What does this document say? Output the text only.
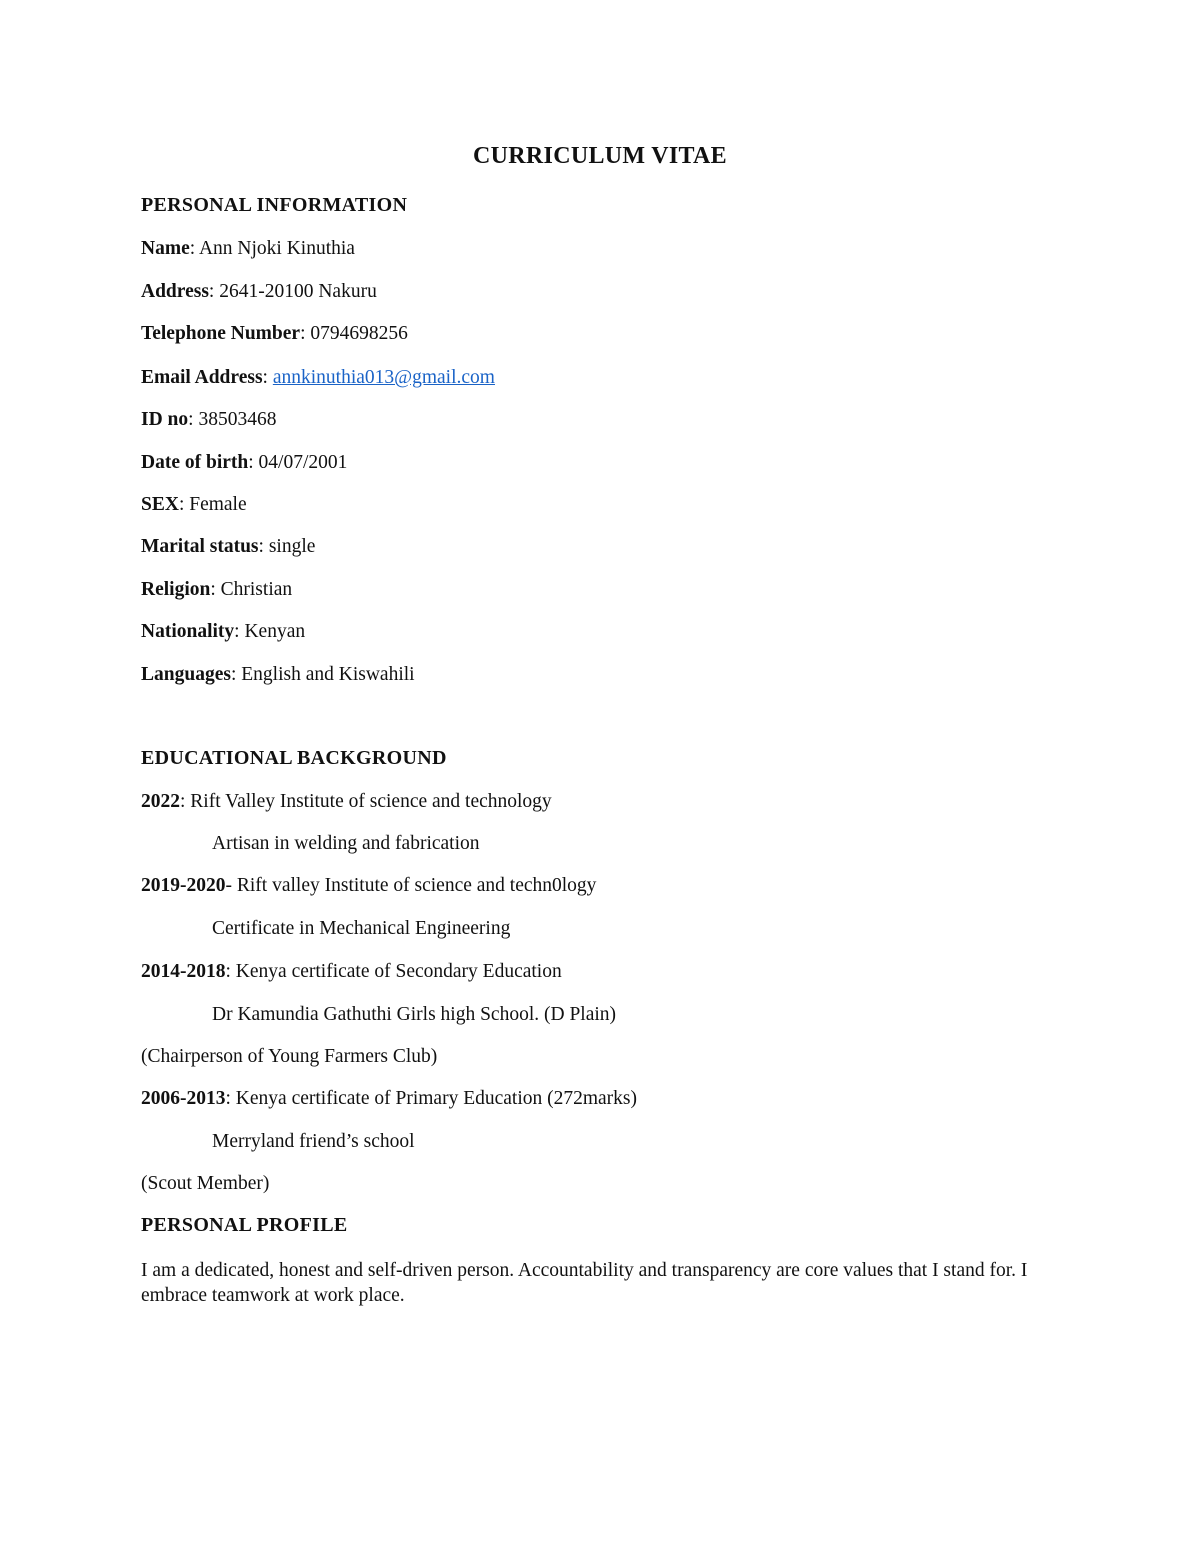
CURRICULUM VITAE
PERSONAL INFORMATION
Name: Ann Njoki Kinuthia
Address: 2641-20100 Nakuru
Telephone Number: 0794698256
Email Address: annkinuthia013@gmail.com
ID no: 38503468
Date of birth: 04/07/2001
SEX: Female
Marital status: single
Religion: Christian
Nationality: Kenyan
Languages: English and Kiswahili
EDUCATIONAL BACKGROUND
2022: Rift Valley Institute of science and technology
Artisan in welding and fabrication
2019-2020- Rift valley Institute of science and techn0logy
Certificate in Mechanical Engineering
2014-2018: Kenya certificate of Secondary Education
Dr Kamundia Gathuthi Girls high School. (D Plain)
(Chairperson of Young Farmers Club)
2006-2013: Kenya certificate of Primary Education (272marks)
Merryland friend’s school
(Scout Member)
PERSONAL PROFILE
I am a dedicated, honest and self-driven person. Accountability and transparency are core values that I stand for. I embrace teamwork at work place.
